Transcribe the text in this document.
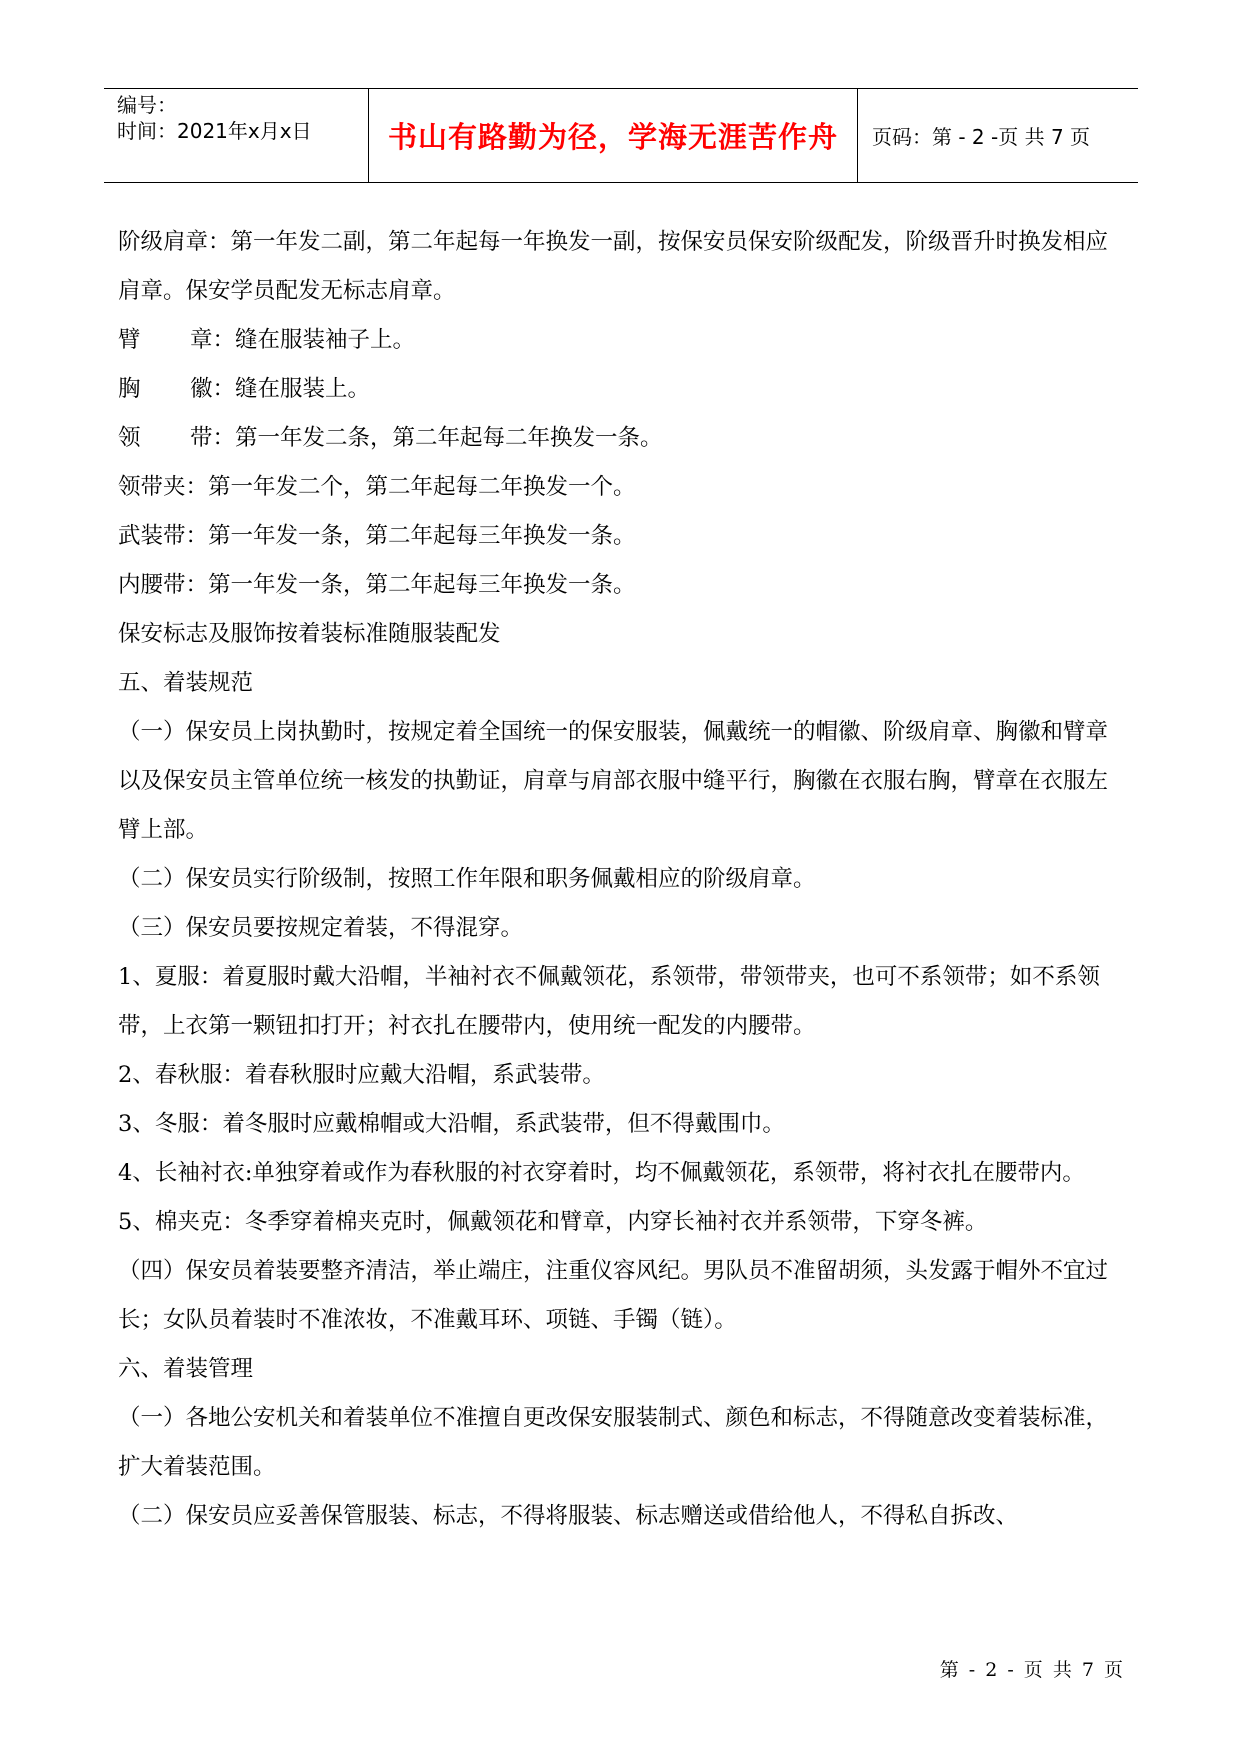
编号：
时间：2021年x月x日	书山有路勤为径，学海无涯苦作舟	页码：第 - 2 -页 共 7 页

阶级肩章：第一年发二副，第二年起每一年换发一副，按保安员保安阶级配发，阶级晋升时换发相应肩章。保安学员配发无标志肩章。

臂 章：缝在服装袖子上。

胸 徽：缝在服装上。

领 带：第一年发二条，第二年起每二年换发一条。

领带夹：第一年发二个，第二年起每二年换发一个。

武装带：第一年发一条，第二年起每三年换发一条。

内腰带：第一年发一条，第二年起每三年换发一条。

保安标志及服饰按着装标准随服装配发

五、着装规范

（一）保安员上岗执勤时，按规定着全国统一的保安服装，佩戴统一的帽徽、阶级肩章、胸徽和臂章以及保安员主管单位统一核发的执勤证，肩章与肩部衣服中缝平行，胸徽在衣服右胸，臂章在衣服左臂上部。

（二）保安员实行阶级制，按照工作年限和职务佩戴相应的阶级肩章。

（三）保安员要按规定着装，不得混穿。

1、夏服：着夏服时戴大沿帽，半袖衬衣不佩戴领花，系领带，带领带夹，也可不系领带；如不系领带，上衣第一颗钮扣打开；衬衣扎在腰带内，使用统一配发的内腰带。

2、春秋服：着春秋服时应戴大沿帽，系武装带。

3、冬服：着冬服时应戴棉帽或大沿帽，系武装带，但不得戴围巾。

4、长袖衬衣:单独穿着或作为春秋服的衬衣穿着时，均不佩戴领花，系领带，将衬衣扎在腰带内。

5、棉夹克：冬季穿着棉夹克时，佩戴领花和臂章，内穿长袖衬衣并系领带，下穿冬裤。

（四）保安员着装要整齐清洁，举止端庄，注重仪容风纪。男队员不准留胡须，头发露于帽外不宜过长；女队员着装时不准浓妆，不准戴耳环、项链、手镯（链）。

六、着装管理

（一）各地公安机关和着装单位不准擅自更改保安服装制式、颜色和标志，不得随意改变着装标准，扩大着装范围。

（二）保安员应妥善保管服装、标志，不得将服装、标志赠送或借给他人，不得私自拆改、

第 - 2 - 页 共 7 页
